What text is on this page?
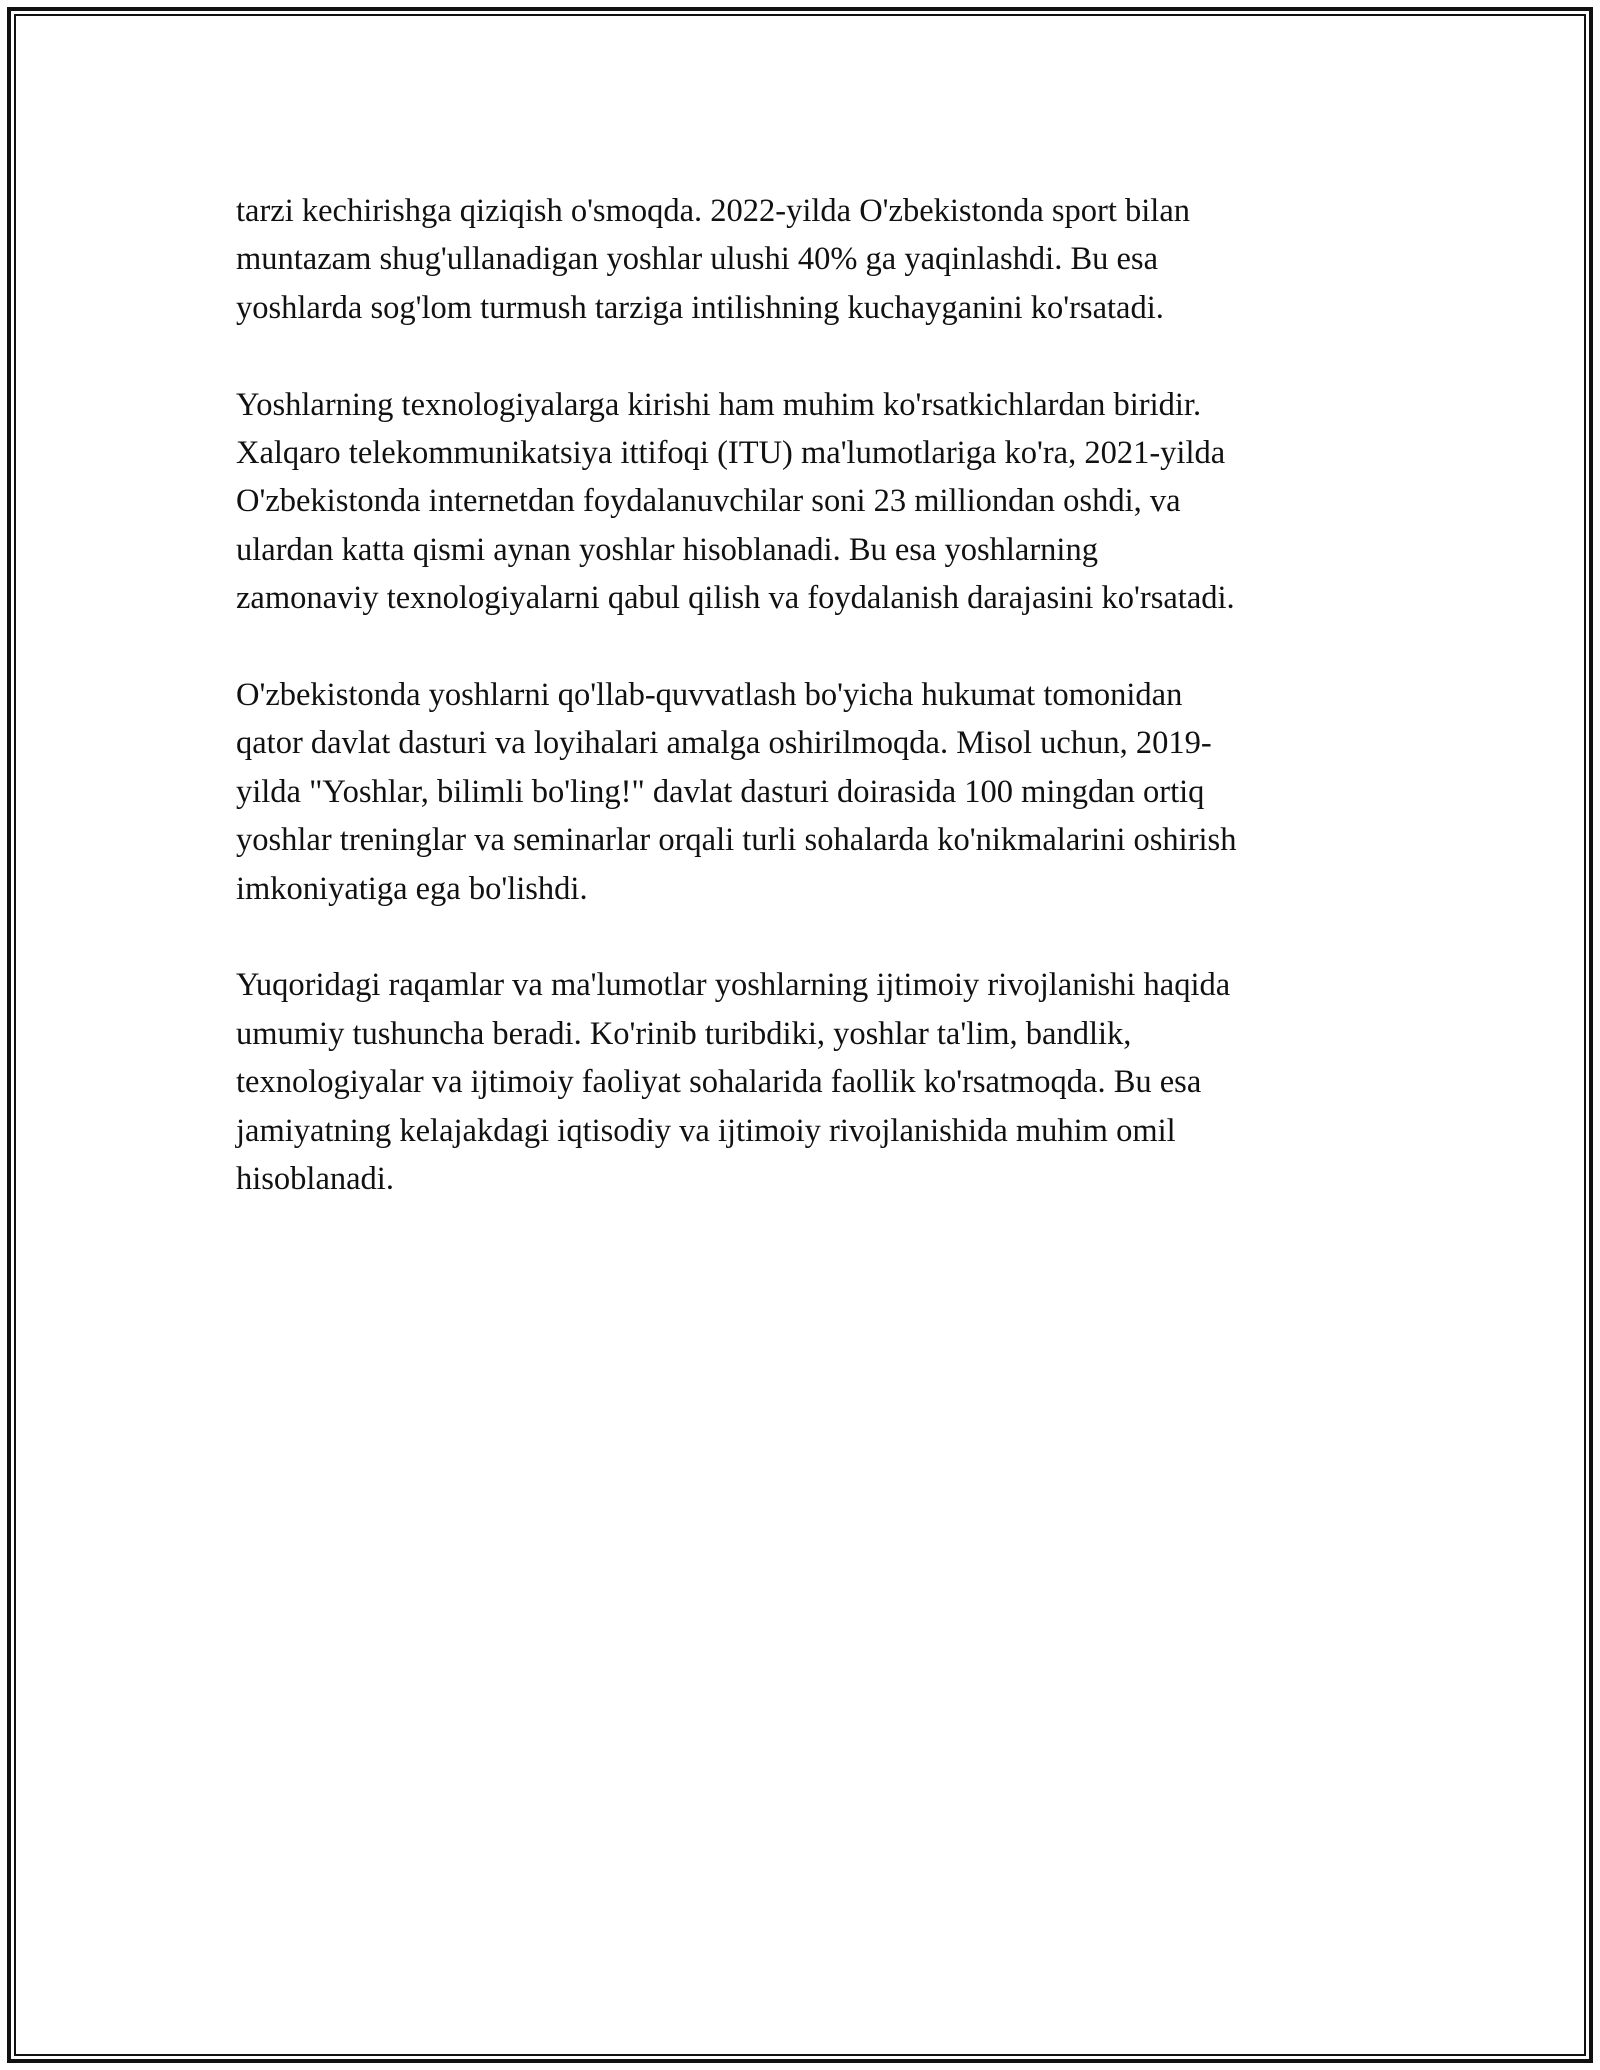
tarzi kechirishga qiziqish o'smoqda. 2022-yilda O'zbekistonda sport bilan
muntazam shug'ullanadigan yoshlar ulushi 40% ga yaqinlashdi. Bu esa
yoshlarda sog'lom turmush tarziga intilishning kuchayganini ko'rsatadi.

Yoshlarning texnologiyalarga kirishi ham muhim ko'rsatkichlardan biridir.
Xalqaro telekommunikatsiya ittifoqi (ITU) ma'lumotlariga ko'ra, 2021-yilda
O'zbekistonda internetdan foydalanuvchilar soni 23 milliondan oshdi, va
ulardan katta qismi aynan yoshlar hisoblanadi. Bu esa yoshlarning
zamonaviy texnologiyalarni qabul qilish va foydalanish darajasini ko'rsatadi.

O'zbekistonda yoshlarni qo'llab-quvvatlash bo'yicha hukumat tomonidan
qator davlat dasturi va loyihalari amalga oshirilmoqda. Misol uchun, 2019-
yilda "Yoshlar, bilimli bo'ling!" davlat dasturi doirasida 100 mingdan ortiq
yoshlar treninglar va seminarlar orqali turli sohalarda ko'nikmalarini oshirish
imkoniyatiga ega bo'lishdi.

Yuqoridagi raqamlar va ma'lumotlar yoshlarning ijtimoiy rivojlanishi haqida
umumiy tushuncha beradi. Ko'rinib turibdiki, yoshlar ta'lim, bandlik,
texnologiyalar va ijtimoiy faoliyat sohalarida faollik ko'rsatmoqda. Bu esa
jamiyatning kelajakdagi iqtisodiy va ijtimoiy rivojlanishida muhim omil
hisoblanadi.
